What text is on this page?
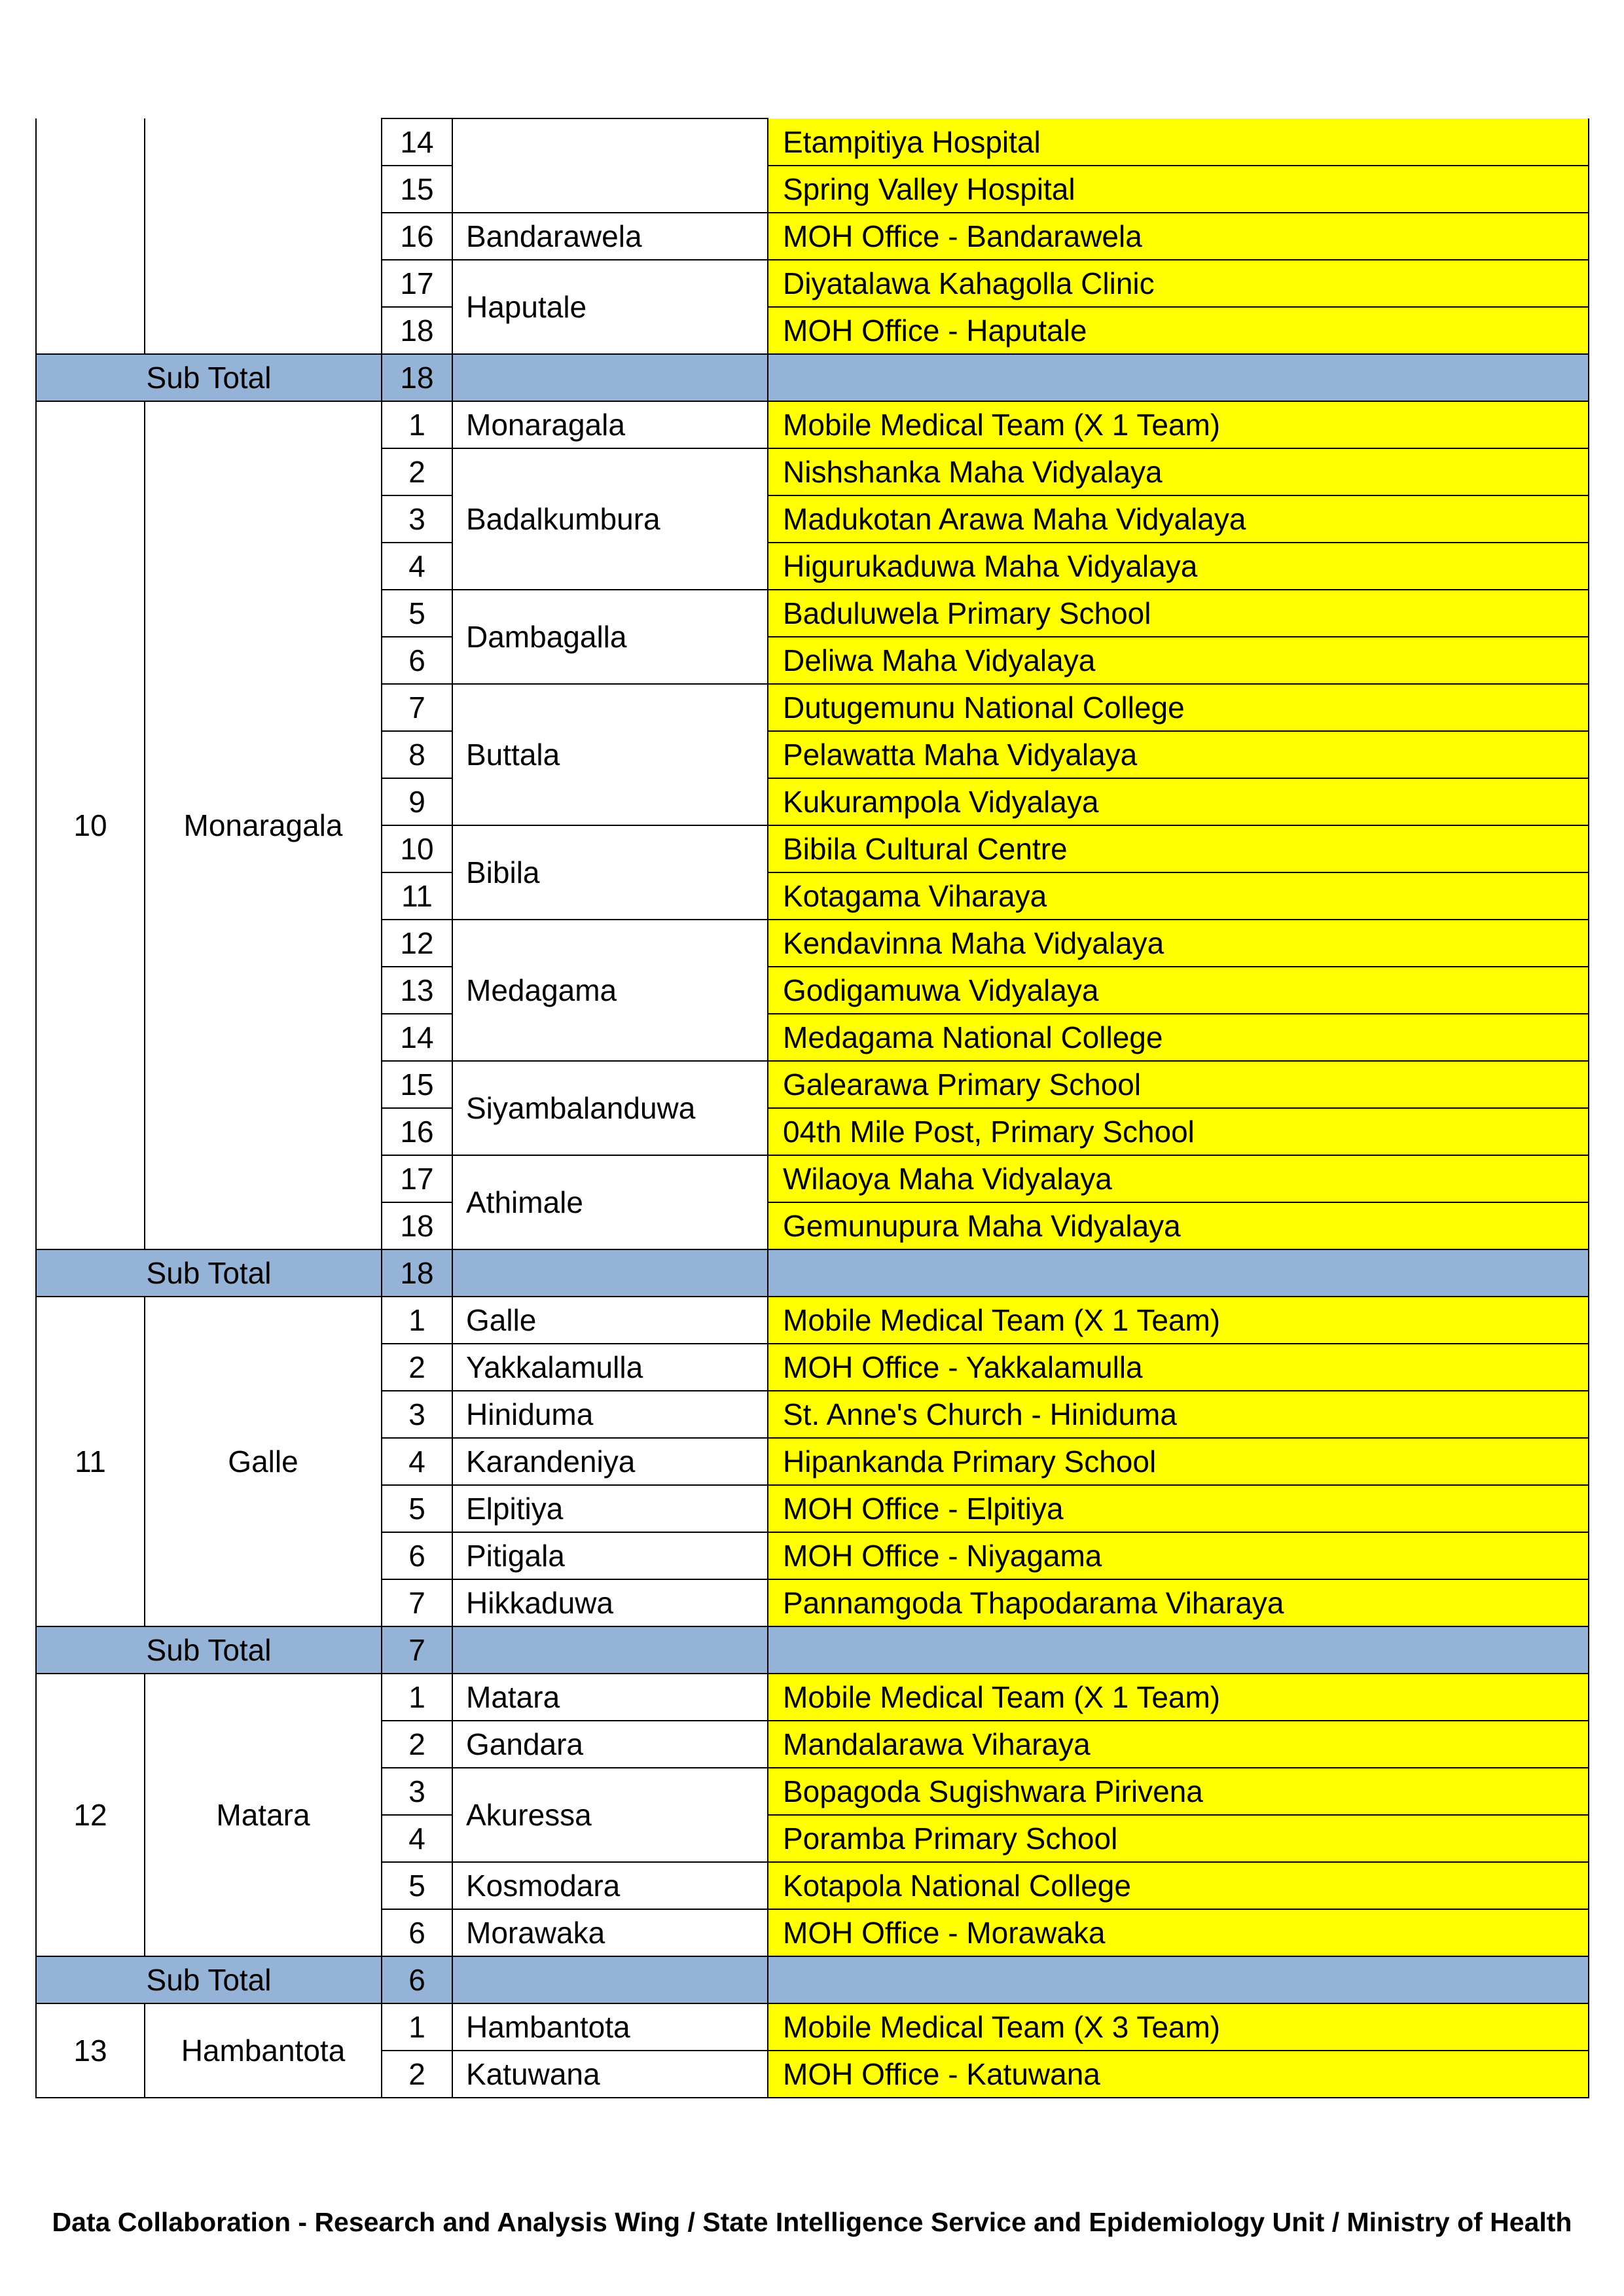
		14		Etampitiya Hospital
		15		Spring Valley Hospital
		16	Bandarawela	MOH Office - Bandarawela
		17	Haputale	Diyatalawa Kahagolla Clinic
		18		MOH Office - Haputale
Sub Total		18		
10	Monaragala	1	Monaragala	Mobile Medical Team (X 1 Team)
		2	Badalkumbura	Nishshanka Maha Vidyalaya
		3		Madukotan Arawa Maha Vidyalaya
		4		Higurukaduwa Maha Vidyalaya
		5	Dambagalla	Baduluwela Primary School
		6		Deliwa Maha Vidyalaya
		7	Buttala	Dutugemunu National College
		8		Pelawatta Maha Vidyalaya
		9		Kukurampola Vidyalaya
		10	Bibila	Bibila Cultural Centre
		11		Kotagama Viharaya
		12	Medagama	Kendavinna Maha Vidyalaya
		13		Godigamuwa Vidyalaya
		14		Medagama National College
		15	Siyambalanduwa	Galearawa Primary School
		16		04th Mile Post, Primary School
		17	Athimale	Wilaoya Maha Vidyalaya
		18		Gemunupura Maha Vidyalaya
Sub Total		18		
11	Galle	1	Galle	Mobile Medical Team (X 1 Team)
		2	Yakkalamulla	MOH Office - Yakkalamulla
		3	Hiniduma	St. Anne's Church - Hiniduma
		4	Karandeniya	Hipankanda Primary School
		5	Elpitiya	MOH Office - Elpitiya
		6	Pitigala	MOH Office - Niyagama
		7	Hikkaduwa	Pannamgoda Thapodarama Viharaya
Sub Total		7		
12	Matara	1	Matara	Mobile Medical Team (X 1 Team)
		2	Gandara	Mandalarawa Viharaya
		3	Akuressa	Bopagoda Sugishwara Pirivena
		4		Poramba Primary School
		5	Kosmodara	Kotapola National College
		6	Morawaka	MOH Office - Morawaka
Sub Total		6		
13	Hambantota	1	Hambantota	Mobile Medical Team (X 3 Team)
		2	Katuwana	MOH Office - Katuwana
Data Collaboration - Research and Analysis Wing / State Intelligence Service and Epidemiology Unit / Ministry of Health
